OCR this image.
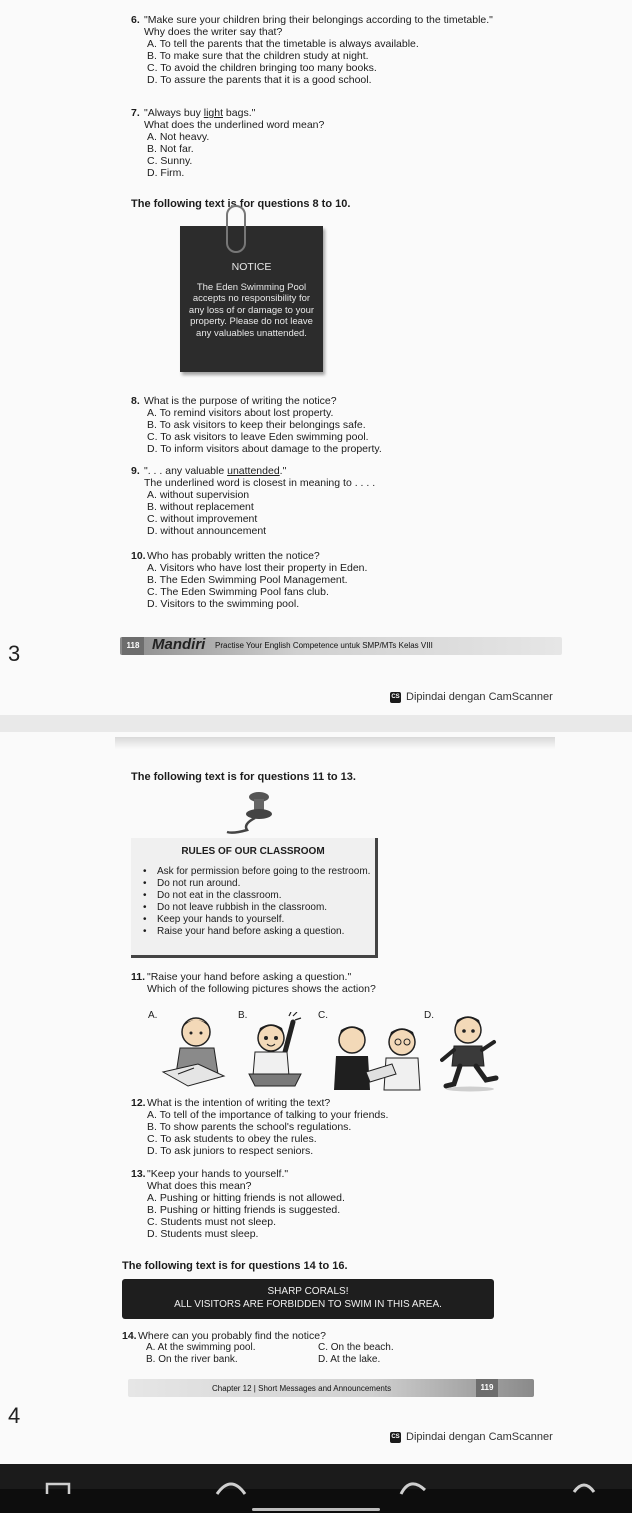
6. "Make sure your children bring their belongings according to the timetable."
Why does the writer say that?
A. To tell the parents that the timetable is always available.
B. To make sure that the children study at night.
C. To avoid the children bringing too many books.
D. To assure the parents that it is a good school.
7. "Always buy light bags."
What does the underlined word mean?
A. Not heavy.
B. Not far.
C. Sunny.
D. Firm.
The following text is for questions 8 to 10.
NOTICE
The Eden Swimming Pool accepts no responsibility for any loss of or damage to your property. Please do not leave any valuables unattended.
8. What is the purpose of writing the notice?
A. To remind visitors about lost property.
B. To ask visitors to keep their belongings safe.
C. To ask visitors to leave Eden swimming pool.
D. To inform visitors about damage to the property.
9. ". . . any valuable unattended."
The underlined word is closest in meaning to . . . .
A. without supervision
B. without replacement
C. without improvement
D. without announcement
10.Who has probably written the notice?
A. Visitors who have lost their property in Eden.
B. The Eden Swimming Pool Management.
C. The Eden Swimming Pool fans club.
D. Visitors to the swimming pool.
118 Mandiri Practise Your English Competence untuk SMP/MTs Kelas VIII
3
CS Dipindai dengan CamScanner
The following text is for questions 11 to 13.
RULES OF OUR CLASSROOM
• Ask for permission before going to the restroom.
• Do not run around.
• Do not eat in the classroom.
• Do not leave rubbish in the classroom.
• Keep your hands to yourself.
• Raise your hand before asking a question.
11. "Raise your hand before asking a question."
Which of the following pictures shows the action?
A.	B.	C.	D.
12.What is the intention of writing the text?
A. To tell of the importance of talking to your friends.
B. To show parents the school's regulations.
C. To ask students to obey the rules.
D. To ask juniors to respect seniors.
13."Keep your hands to yourself."
What does this mean?
A. Pushing or hitting friends is not allowed.
B. Pushing or hitting friends is suggested.
C. Students must not sleep.
D. Students must sleep.
The following text is for questions 14 to 16.
SHARP CORALS!
ALL VISITORS ARE FORBIDDEN TO SWIM IN THIS AREA.
14.Where can you probably find the notice?
A. At the swimming pool.
B. On the river bank.
C. On the beach.
D. At the lake.
Chapter 12 | Short Messages and Announcements	119
4
CS Dipindai dengan CamScanner
